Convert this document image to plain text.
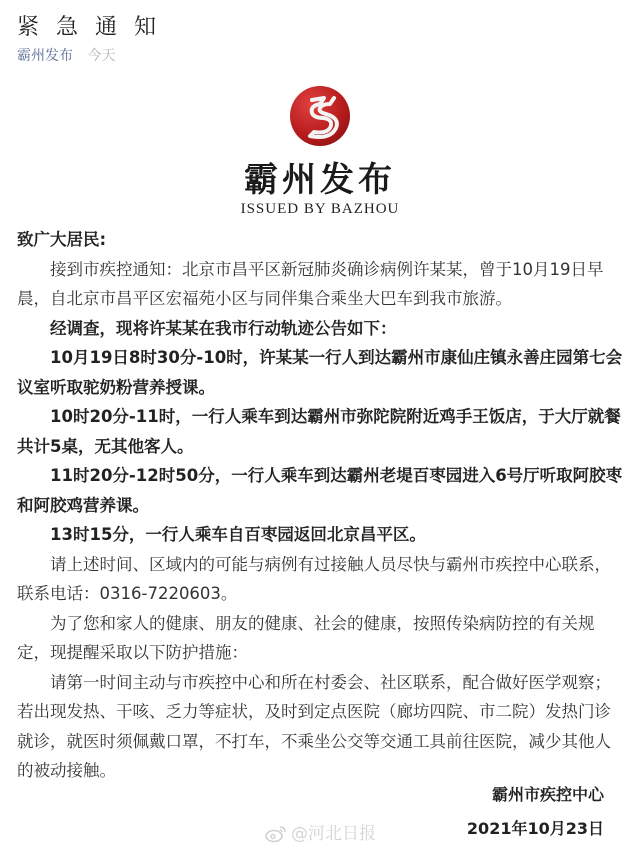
紧 急 通 知
霸州发布 今天
霸州发布
ISSUED BY BAZHOU

致广大居民:

接到市疾控通知：北京市昌平区新冠肺炎确诊病例许某某，曾于10月19日早晨，自北京市昌平区宏福苑小区与同伴集合乘坐大巴车到我市旅游。

经调查，现将许某某在我市行动轨迹公告如下：

10月19日8时30分-10时，许某某一行人到达霸州市康仙庄镇永善庄园第七会议室听取驼奶粉营养授课。

10时20分-11时，一行人乘车到达霸州市弥陀院附近鸡手王饭店，于大厅就餐共计5桌，无其他客人。

11时20分-12时50分，一行人乘车到达霸州老堤百枣园进入6号厅听取阿胶枣和阿胶鸡营养课。

13时15分，一行人乘车自百枣园返回北京昌平区。

请上述时间、区域内的可能与病例有过接触人员尽快与霸州市疾控中心联系，联系电话：0316-7220603。

为了您和家人的健康、朋友的健康、社会的健康，按照传染病防控的有关规定，现提醒采取以下防护措施：

请第一时间主动与市疾控中心和所在村委会、社区联系，配合做好医学观察；若出现发热、干咳、乏力等症状，及时到定点医院（廊坊四院、市二院）发热门诊就诊，就医时须佩戴口罩，不打车，不乘坐公交等交通工具前往医院，减少其他人的被动接触。

霸州市疾控中心
2021年10月23日
@河北日报
